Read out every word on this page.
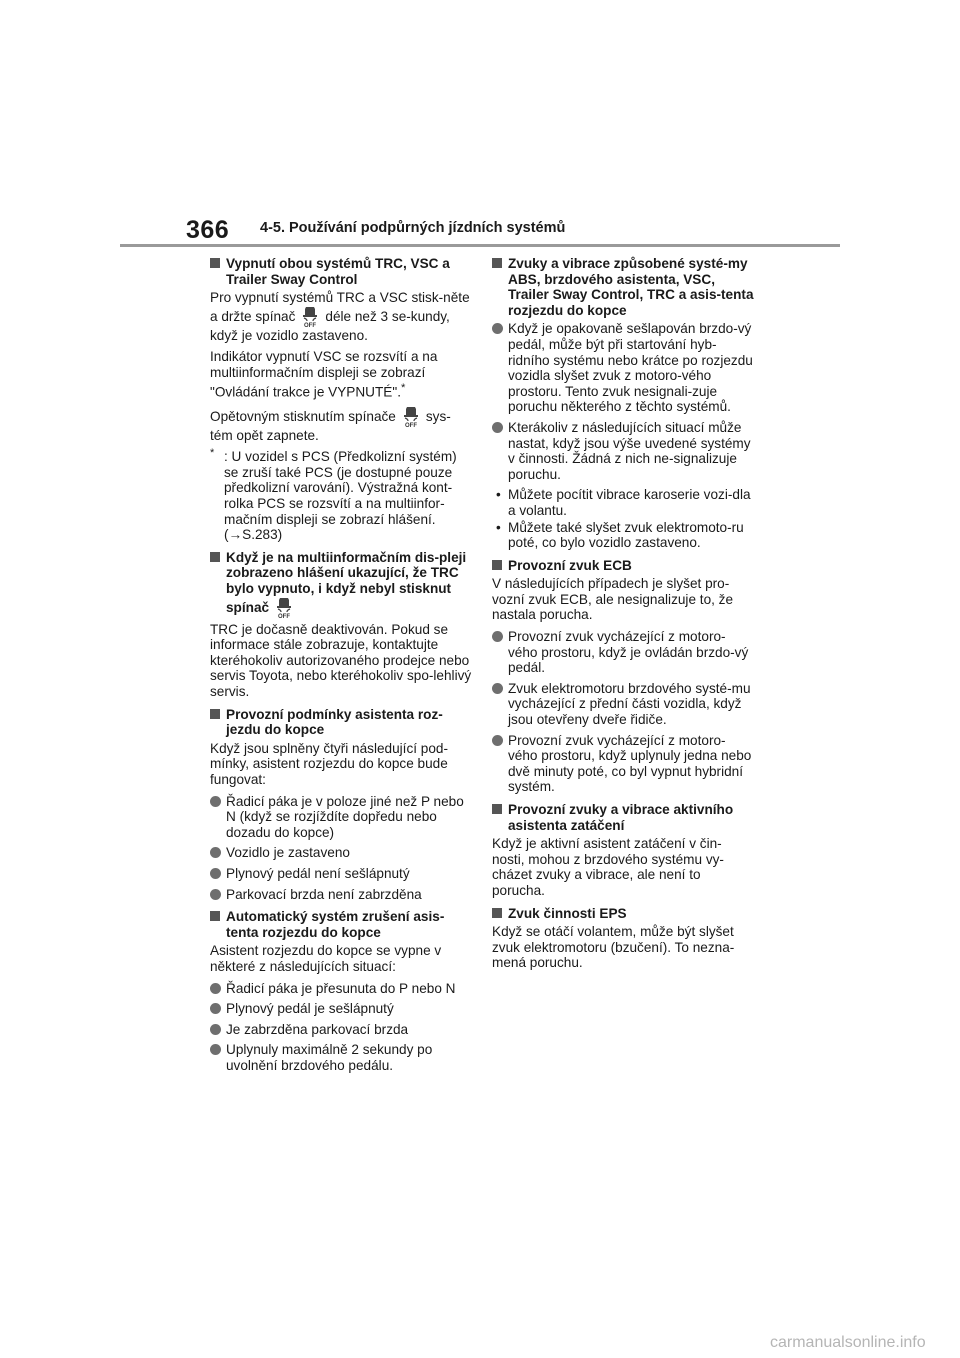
366 4-5. Používání podpůrných jízdních systémů
Vypnutí obou systémů TRC, VSC a Trailer Sway Control

Pro vypnutí systémů TRC a VSC stisk-něte a držte spínač
OFF
déle než 3 se-kundy, když je vozidlo zastaveno.

Indikátor vypnutí VSC se rozsvítí a na multiinformačním displeji se zobrazí "Ovládání trakce je VYPNUTÉ".*

Opětovným stisknutím spínače
OFF
sys-tém opět zapnete.

* : U vozidel s PCS (Předkolizní systém) se zruší také PCS (je dostupné pouze předkolizní varování). Výstražná kont-rolka PCS se rozsvítí a na multiinfor-mačním displeji se zobrazí hlášení. (→S.283)
Když je na multiinformačním dis-pleji zobrazeno hlášení ukazující, že TRC bylo vypnuto, i když nebyl stisknut spínač
OFF

TRC je dočasně deaktivován. Pokud se informace stále zobrazuje, kontaktujte kteréhokoliv autorizovaného prodejce nebo servis Toyota, nebo kteréhokoliv spo-lehlivý servis.

Provozní podmínky asistenta roz-jezdu do kopce

Když jsou splněny čtyři následující pod-mínky, asistent rozjezdu do kopce bude fungovat:

Řadicí páka je v poloze jiné než P nebo N (když se rozjíždíte dopředu nebo dozadu do kopce)
Vozidlo je zastaveno
Plynový pedál není sešlápnutý
Parkovací brzda není zabrzděna
Automatický systém zrušení asis-tenta rozjezdu do kopce

Asistent rozjezdu do kopce se vypne v některé z následujících situací:

Řadicí páka je přesunuta do P nebo N
Plynový pedál je sešlápnutý
Je zabrzděna parkovací brzda
Uplynuly maximálně 2 sekundy po uvolnění brzdového pedálu.
Zvuky a vibrace způsobené systé-my ABS, brzdového asistenta, VSC, Trailer Sway Control, TRC a asis-tenta rozjezdu do kopce
Když je opakovaně sešlapován brzdo-vý pedál, může být při startování hyb-ridního systému nebo krátce po rozjezdu vozidla slyšet zvuk z motoro-vého prostoru. Tento zvuk nesignali-zuje poruchu některého z těchto systémů.
Kterákoliv z následujících situací může nastat, když jsou výše uvedené systémy v činnosti. Žádná z nich ne-signalizuje poruchu.
• Můžete pocítit vibrace karoserie vozi-dla a volantu.
• Můžete také slyšet zvuk elektromoto-ru poté, co bylo vozidlo zastaveno.
Provozní zvuk ECB

V následujících případech je slyšet pro-vozní zvuk ECB, ale nesignalizuje to, že nastala porucha.

Provozní zvuk vycházející z motoro-vého prostoru, když je ovládán brzdo-vý pedál.
Zvuk elektromotoru brzdového systé-mu vycházející z přední části vozidla, když jsou otevřeny dveře řidiče.
Provozní zvuk vycházející z motoro-vého prostoru, když uplynuly jedna nebo dvě minuty poté, co byl vypnut hybridní systém.
Provozní zvuky a vibrace aktivního asistenta zatáčení

Když je aktivní asistent zatáčení v čin-nosti, mohou z brzdového systému vy-cházet zvuky a vibrace, ale není to porucha.

Zvuk činnosti EPS

Když se otáčí volantem, může být slyšet zvuk elektromotoru (bzučení). To nezna-mená poruchu.

carmanualsonline.info
